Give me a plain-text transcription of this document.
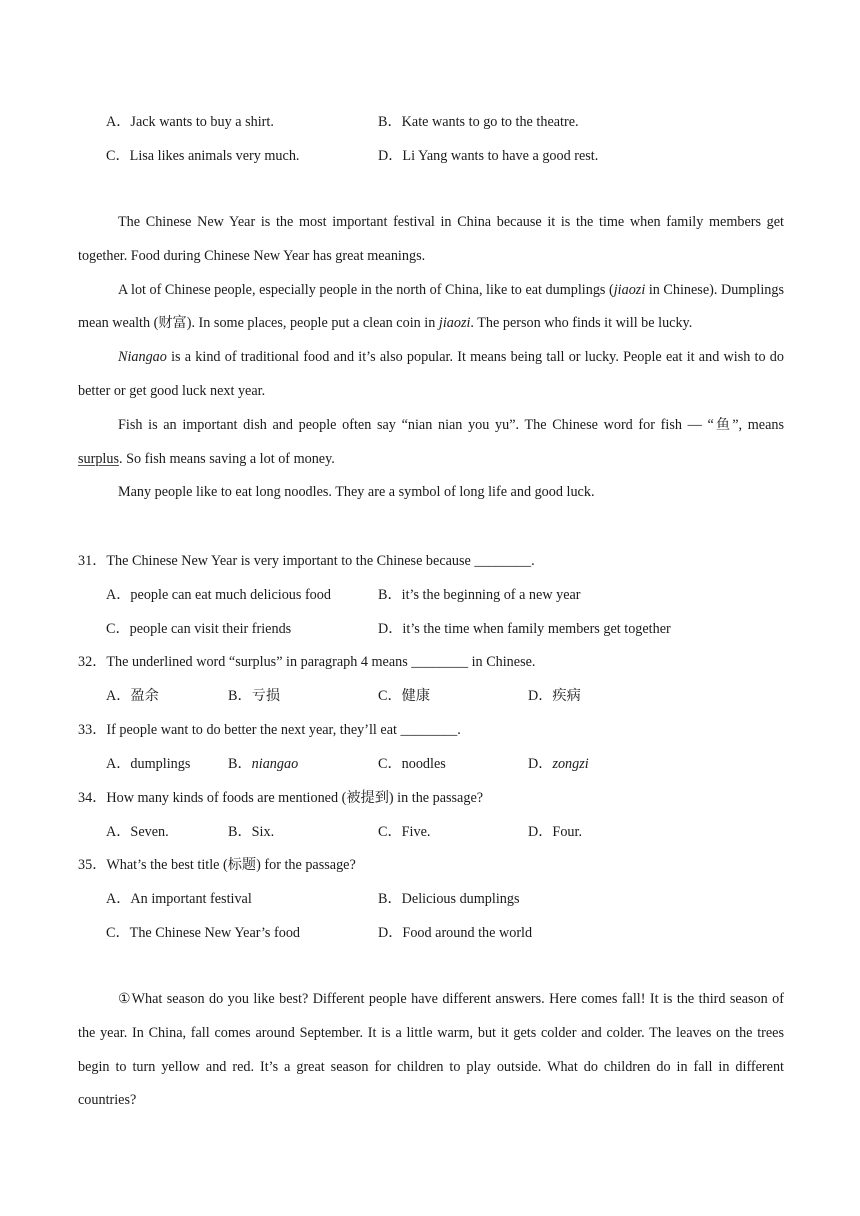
A．Jack wants to buy a shirt.	B．Kate wants to go to the theatre.
C．Lisa likes animals very much.	D．Li Yang wants to have a good rest.

The Chinese New Year is the most important festival in China because it is the time when family members get together. Food during Chinese New Year has great meanings.

A lot of Chinese people, especially people in the north of China, like to eat dumplings (jiaozi in Chinese). Dumplings mean wealth (财富). In some places, people put a clean coin in jiaozi. The person who finds it will be lucky.

Niangao is a kind of traditional food and it’s also popular. It means being tall or lucky. People eat it and wish to do better or get good luck next year.

Fish is an important dish and people often say “nian nian you yu”. The Chinese word for fish — “鱼”, means surplus. So fish means saving a lot of money.

Many people like to eat long noodles. They are a symbol of long life and good luck.

31．The Chinese New Year is very important to the Chinese because ________.
A．people can eat much delicious food	B．it’s the beginning of a new year
C．people can visit their friends	D．it’s the time when family members get together
32．The underlined word “surplus” in paragraph 4 means ________ in Chinese.
A．盈余	B．亏损	C．健康	D．疾病
33．If people want to do better the next year, they’ll eat ________.
A．dumplings	B．niangao	C．noodles	D．zongzi
34．How many kinds of foods are mentioned (被提到) in the passage?
A．Seven.	B．Six.	C．Five.	D．Four.
35．What’s the best title (标题) for the passage?
A．An important festival	B．Delicious dumplings
C．The Chinese New Year’s food	D．Food around the world

①What season do you like best? Different people have different answers. Here comes fall! It is the third season of the year. In China, fall comes around September. It is a little warm, but it gets colder and colder. The leaves on the trees begin to turn yellow and red. It’s a great season for children to play outside. What do children do in fall in different countries?
